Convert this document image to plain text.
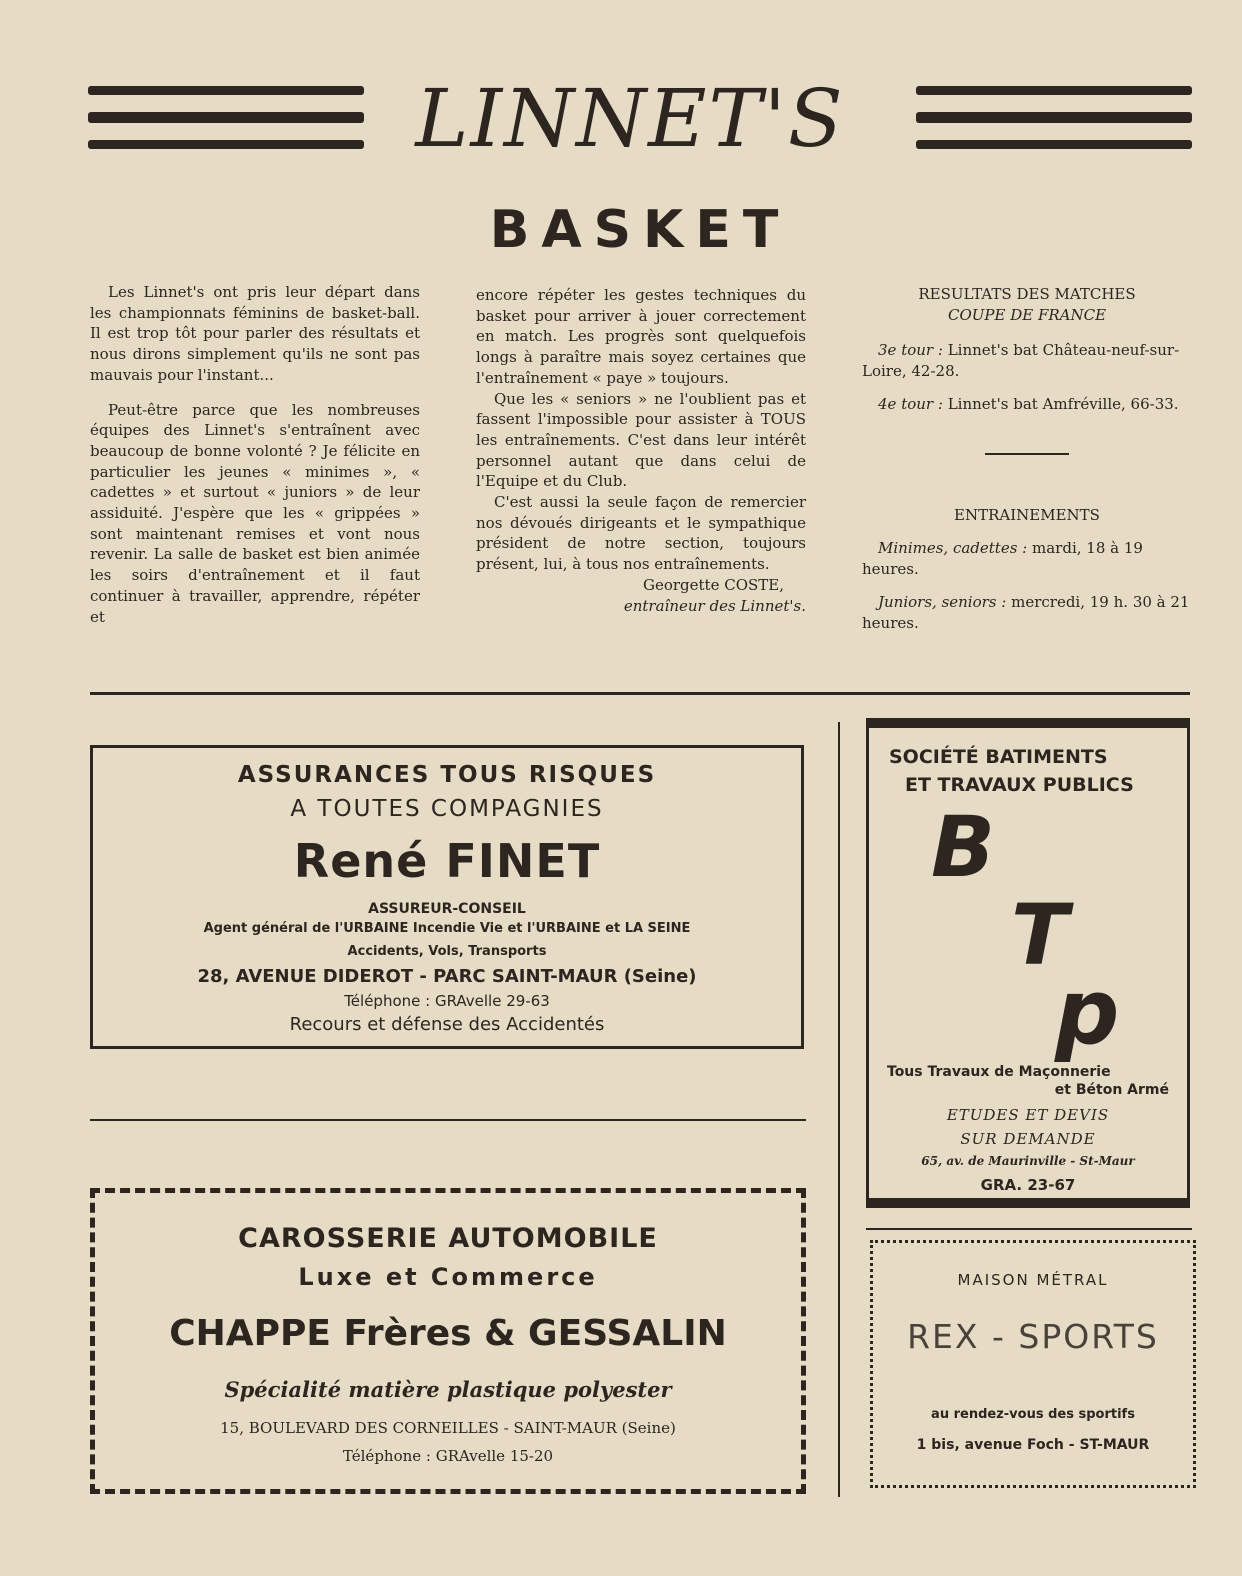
LINNET'S
BASKET

Les Linnet's ont pris leur départ dans les championnats féminins de basket-ball. Il est trop tôt pour parler des résultats et nous dirons simplement qu'ils ne sont pas mauvais pour l'instant...

Peut-être parce que les nombreuses équipes des Linnet's s'entraînent avec beaucoup de bonne volonté ? Je félicite en particulier les jeunes « minimes », « cadettes » et surtout « juniors » de leur assiduité. J'espère que les « grippées » sont maintenant remises et vont nous revenir. La salle de basket est bien animée les soirs d'entraînement et il faut continuer à travailler, apprendre, répéter et

encore répéter les gestes techniques du basket pour arriver à jouer correctement en match. Les progrès sont quelquefois longs à paraître mais soyez certaines que l'entraînement « paye » toujours.

Que les « seniors » ne l'oublient pas et fassent l'impossible pour assister à TOUS les entraînements. C'est dans leur intérêt personnel autant que dans celui de l'Equipe et du Club.

C'est aussi la seule façon de remercier nos dévoués dirigeants et le sympathique président de notre section, toujours présent, lui, à tous nos entraînements.

Georgette COSTE,

entraîneur des Linnet's.

RESULTATS DES MATCHES
COUPE DE FRANCE
3e tour : Linnet's bat Château-neuf-sur-Loire, 42-28.
4e tour : Linnet's bat Amfréville, 66-33.
ENTRAINEMENTS
Minimes, cadettes : mardi, 18 à 19 heures.
Juniors, seniors : mercredi, 19 h. 30 à 21 heures.
ASSURANCES TOUS RISQUES
A TOUTES COMPAGNIES
René FINET
ASSUREUR-CONSEIL
Agent général de l'URBAINE Incendie Vie et l'URBAINE et LA SEINE
Accidents, Vols, Transports
28, AVENUE DIDEROT - PARC SAINT-MAUR (Seine)
Téléphone : GRAvelle 29-63
Recours et défense des Accidentés
CAROSSERIE AUTOMOBILE
Luxe et Commerce
CHAPPE Frères & GESSALIN
Spécialité matière plastique polyester
15, BOULEVARD DES CORNEILLES - SAINT-MAUR (Seine)
Téléphone : GRAvelle 15-20
SOCIÉTÉ BATIMENTS
ET TRAVAUX PUBLICS
B
T
p
Tous Travaux de Maçonnerie
et Béton Armé
ETUDES ET DEVIS
SUR DEMANDE
65, av. de Maurinville - St-Maur
GRA. 23-67
MAISON MÉTRAL
REX - SPORTS
au rendez-vous des sportifs
1 bis, avenue Foch - ST-MAUR
